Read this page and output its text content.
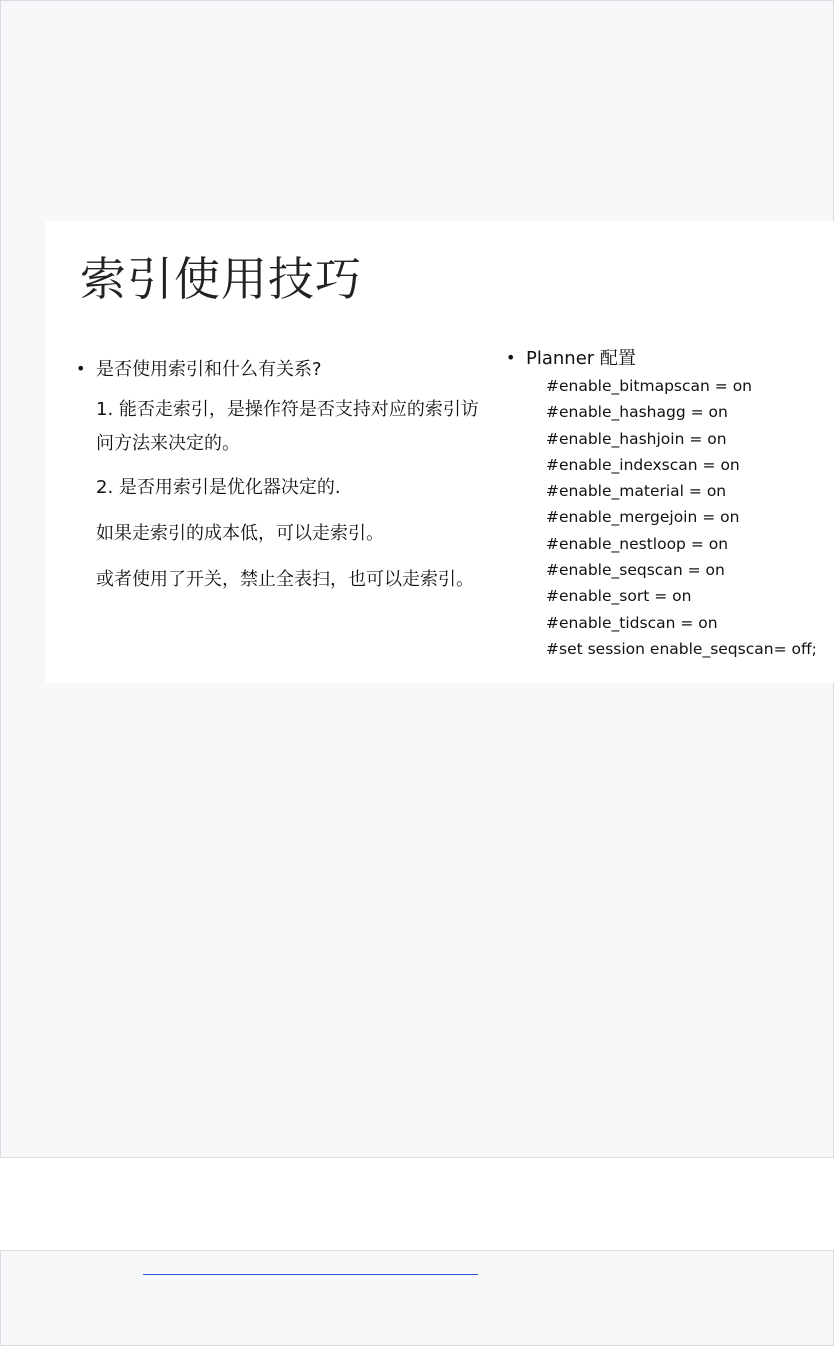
索引使用技巧
• 是否使用索引和什么有关系?

1. 能否走索引，是操作符是否支持对应的索引访

问方法来决定的。

2. 是否用索引是优化器决定的.

如果走索引的成本低，可以走索引。

或者使用了开关，禁止全表扫，也可以走索引。

• Planner 配置
#enable_bitmapscan = on
#enable_hashagg = on
#enable_hashjoin = on
#enable_indexscan = on
#enable_material = on
#enable_mergejoin = on
#enable_nestloop = on
#enable_seqscan = on
#enable_sort = on
#enable_tidscan = on
#set session enable_seqscan= off;
